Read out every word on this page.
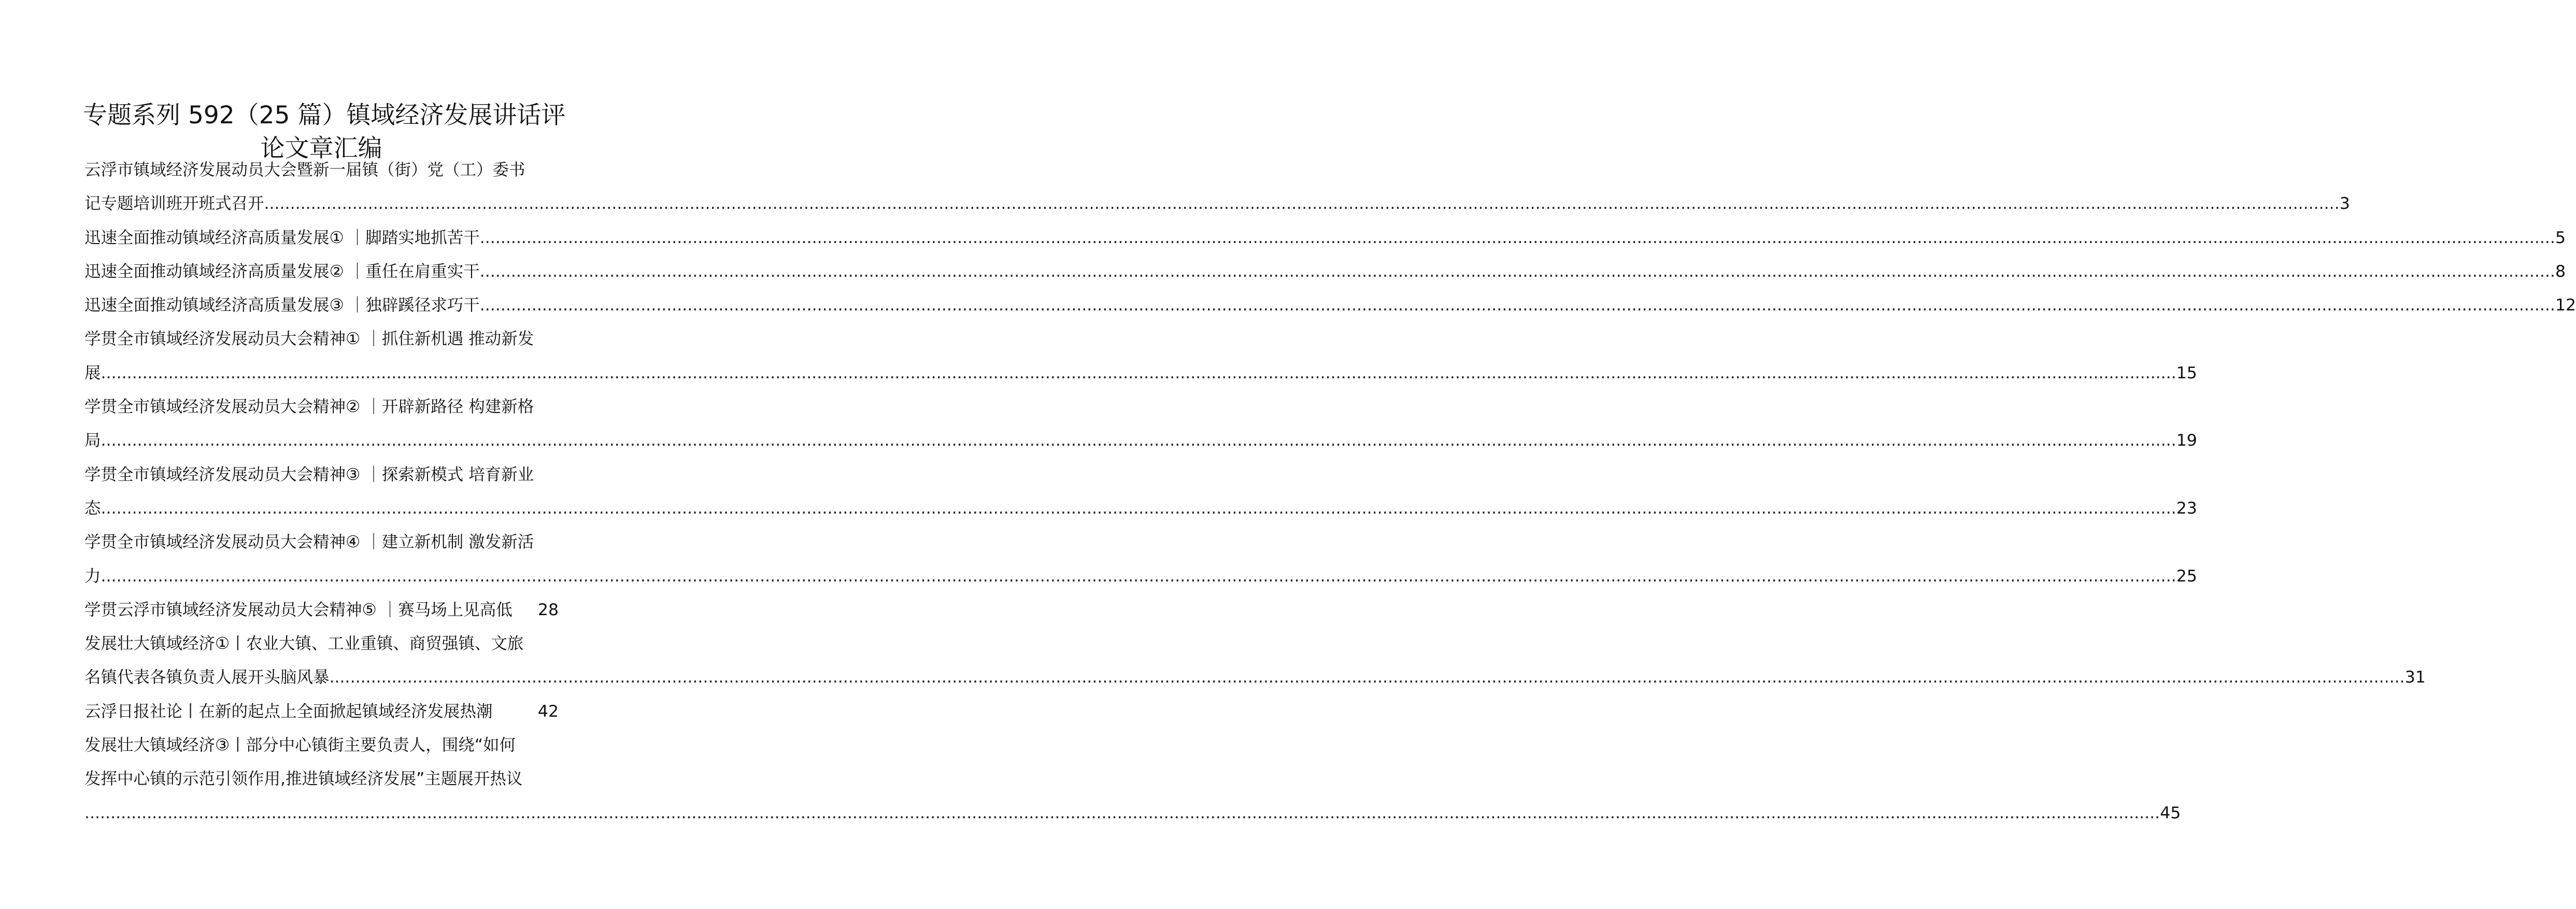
专题系列 592（25 篇）镇域经济发展讲话评
论文章汇编
云浮市镇域经济发展动员大会暨新一届镇（街）党（工）委书
记专题培训班开班式召开 ................................................................................................................................................................................................................................................................................................................................................................................................................ 3
迅速全面推动镇域经济高质量发展① ｜脚踏实地抓苦干 ................................................................................................................................................................................................................................................................................................................................................................................................................ 5
迅速全面推动镇域经济高质量发展② ｜重任在肩重实干 ................................................................................................................................................................................................................................................................................................................................................................................................................ 8
迅速全面推动镇域经济高质量发展③ ｜独辟蹊径求巧干 ................................................................................................................................................................................................................................................................................................................................................................................................................ 12
学贯全市镇域经济发展动员大会精神① ｜抓住新机遇 推动新发
展 ................................................................................................................................................................................................................................................................................................................................................................................................................ 15
学贯全市镇域经济发展动员大会精神② ｜开辟新路径 构建新格
局 ................................................................................................................................................................................................................................................................................................................................................................................................................ 19
学贯全市镇域经济发展动员大会精神③ ｜探索新模式 培育新业
态 ................................................................................................................................................................................................................................................................................................................................................................................................................ 23
学贯全市镇域经济发展动员大会精神④ ｜建立新机制 激发新活
力 ................................................................................................................................................................................................................................................................................................................................................................................................................ 25
学贯云浮市镇域经济发展动员大会精神⑤ ｜赛马场上见高低	28
发展壮大镇域经济①丨农业大镇、工业重镇、商贸强镇、文旅
名镇代表各镇负责人展开头脑风暴 ................................................................................................................................................................................................................................................................................................................................................................................................................ 31
云浮日报社论丨在新的起点上全面掀起镇域经济发展热潮	42
发展壮大镇域经济③丨部分中心镇街主要负责人，围绕“如何
发挥中心镇的示范引领作用,推进镇域经济发展”主题展开热议
................................................................................................................................................................................................................................................................................................................................................................................................................ 45
